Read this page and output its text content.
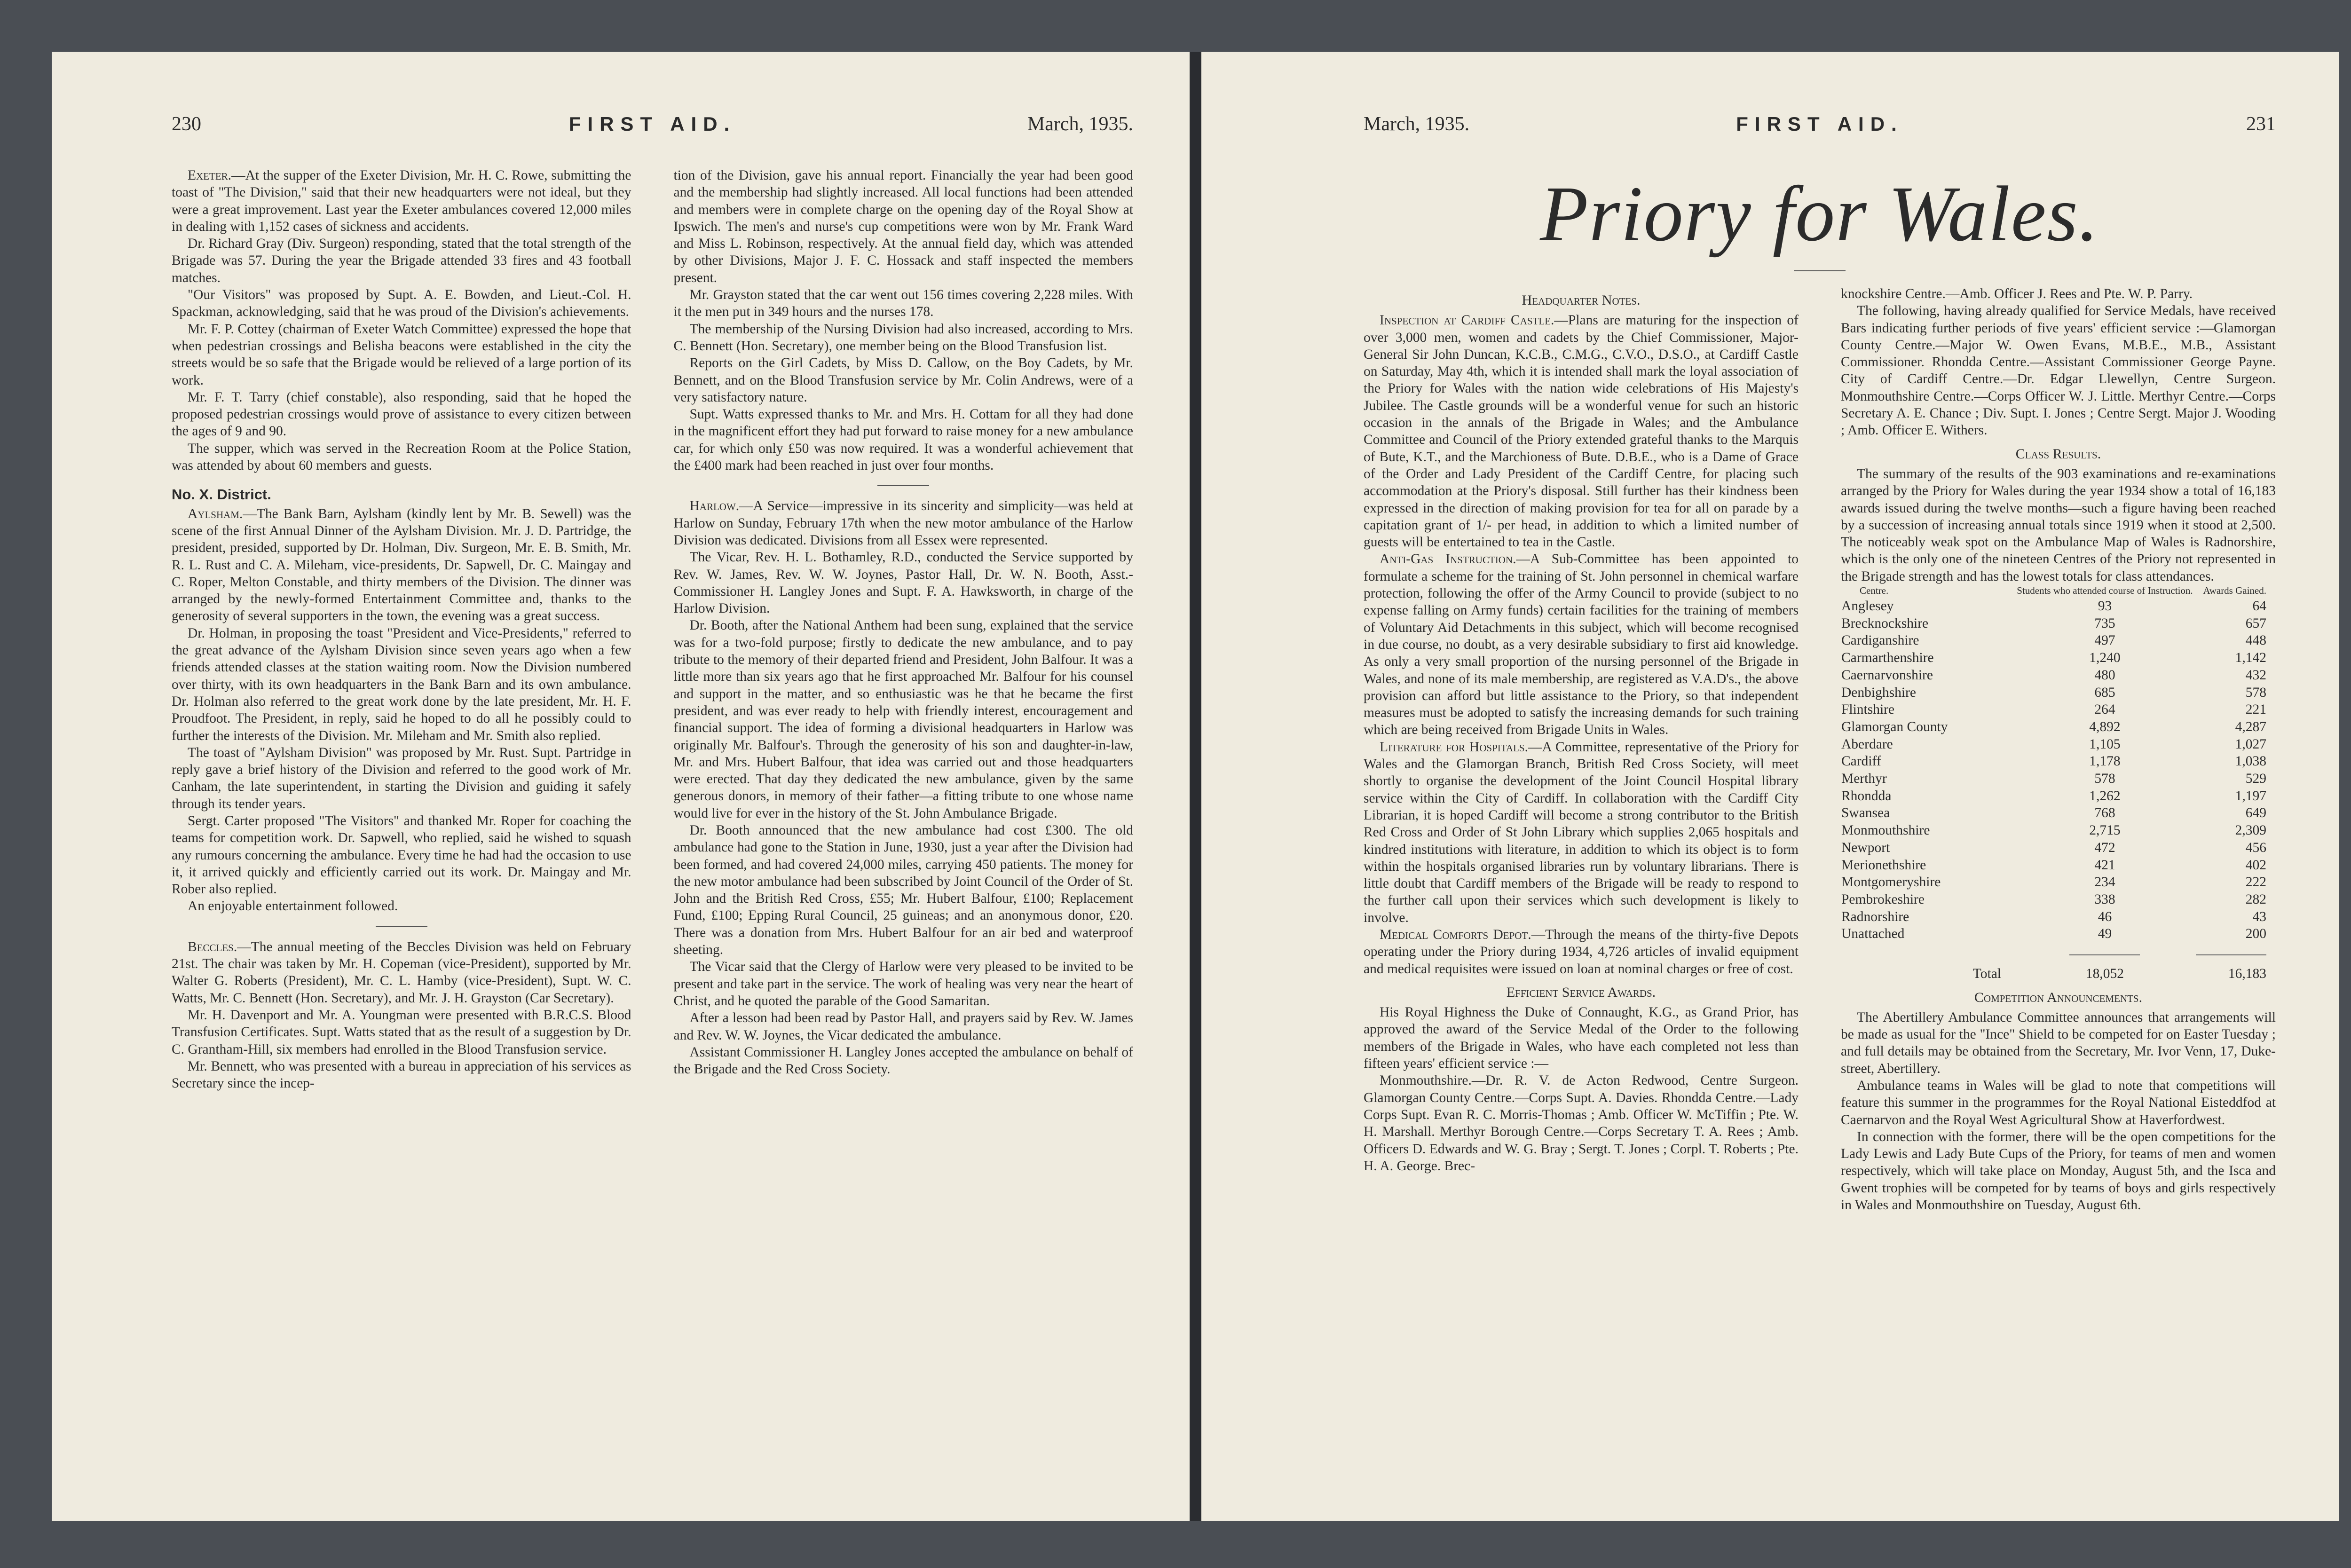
230	FIRST AID.	March, 1935.

Exeter.—At the supper of the Exeter Division, Mr. H. C. Rowe, submitting the toast of "The Division," said that their new headquarters were not ideal, but they were a great improvement. Last year the Exeter ambulances covered 12,000 miles in dealing with 1,152 cases of sickness and accidents.

Dr. Richard Gray (Div. Surgeon) responding, stated that the total strength of the Brigade was 57. During the year the Brigade attended 33 fires and 43 football matches.

"Our Visitors" was proposed by Supt. A. E. Bowden, and Lieut.-Col. H. Spackman, acknowledging, said that he was proud of the Division's achievements.

Mr. F. P. Cottey (chairman of Exeter Watch Committee) expressed the hope that when pedestrian crossings and Belisha beacons were established in the city the streets would be so safe that the Brigade would be relieved of a large portion of its work.

Mr. F. T. Tarry (chief constable), also responding, said that he hoped the proposed pedestrian crossings would prove of assistance to every citizen between the ages of 9 and 90.

The supper, which was served in the Recreation Room at the Police Station, was attended by about 60 members and guests.

No. X. District.

Aylsham.—The Bank Barn, Aylsham (kindly lent by Mr. B. Sewell) was the scene of the first Annual Dinner of the Aylsham Division. Mr. J. D. Partridge, the president, presided, supported by Dr. Holman, Div. Surgeon, Mr. E. B. Smith, Mr. R. L. Rust and C. A. Mileham, vice-presidents, Dr. Sapwell, Dr. C. Maingay and C. Roper, Melton Constable, and thirty members of the Division. The dinner was arranged by the newly-formed Entertainment Committee and, thanks to the generosity of several supporters in the town, the evening was a great success.

Dr. Holman, in proposing the toast "President and Vice-Presidents," referred to the great advance of the Aylsham Division since seven years ago when a few friends attended classes at the station waiting room. Now the Division numbered over thirty, with its own headquarters in the Bank Barn and its own ambulance. Dr. Holman also referred to the great work done by the late president, Mr. H. F. Proudfoot. The President, in reply, said he hoped to do all he possibly could to further the interests of the Division. Mr. Mileham and Mr. Smith also replied.

The toast of "Aylsham Division" was proposed by Mr. Rust. Supt. Partridge in reply gave a brief history of the Division and referred to the good work of Mr. Canham, the late superintendent, in starting the Division and guiding it safely through its tender years.

Sergt. Carter proposed "The Visitors" and thanked Mr. Roper for coaching the teams for competition work. Dr. Sapwell, who replied, said he wished to squash any rumours concerning the ambulance. Every time he had had the occasion to use it, it arrived quickly and efficiently carried out its work. Dr. Maingay and Mr. Rober also replied.

An enjoyable entertainment followed.

Beccles.—The annual meeting of the Beccles Division was held on February 21st. The chair was taken by Mr. H. Copeman (vice-President), supported by Mr. Walter G. Roberts (President), Mr. C. L. Hamby (vice-President), Supt. W. C. Watts, Mr. C. Bennett (Hon. Secretary), and Mr. J. H. Grayston (Car Secretary).

Mr. H. Davenport and Mr. A. Youngman were presented with B.R.C.S. Blood Transfusion Certificates. Supt. Watts stated that as the result of a suggestion by Dr. C. Grantham-Hill, six members had enrolled in the Blood Transfusion service.

Mr. Bennett, who was presented with a bureau in appreciation of his services as Secretary since the incep-

tion of the Division, gave his annual report. Financially the year had been good and the membership had slightly increased. All local functions had been attended and members were in complete charge on the opening day of the Royal Show at Ipswich. The men's and nurse's cup competitions were won by Mr. Frank Ward and Miss L. Robinson, respectively. At the annual field day, which was attended by other Divisions, Major J. F. C. Hossack and staff inspected the members present.

Mr. Grayston stated that the car went out 156 times covering 2,228 miles. With it the men put in 349 hours and the nurses 178.

The membership of the Nursing Division had also increased, according to Mrs. C. Bennett (Hon. Secretary), one member being on the Blood Transfusion list.

Reports on the Girl Cadets, by Miss D. Callow, on the Boy Cadets, by Mr. Bennett, and on the Blood Transfusion service by Mr. Colin Andrews, were of a very satisfactory nature.

Supt. Watts expressed thanks to Mr. and Mrs. H. Cottam for all they had done in the magnificent effort they had put forward to raise money for a new ambulance car, for which only £50 was now required. It was a wonderful achievement that the £400 mark had been reached in just over four months.

Harlow.—A Service—impressive in its sincerity and simplicity—was held at Harlow on Sunday, February 17th when the new motor ambulance of the Harlow Division was dedicated. Divisions from all Essex were represented.

The Vicar, Rev. H. L. Bothamley, R.D., conducted the Service supported by Rev. W. James, Rev. W. W. Joynes, Pastor Hall, Dr. W. N. Booth, Asst.-Commissioner H. Langley Jones and Supt. F. A. Hawksworth, in charge of the Harlow Division.

Dr. Booth, after the National Anthem had been sung, explained that the service was for a two-fold purpose; firstly to dedicate the new ambulance, and to pay tribute to the memory of their departed friend and President, John Balfour. It was a little more than six years ago that he first approached Mr. Balfour for his counsel and support in the matter, and so enthusiastic was he that he became the first president, and was ever ready to help with friendly interest, encouragement and financial support. The idea of forming a divisional headquarters in Harlow was originally Mr. Balfour's. Through the generosity of his son and daughter-in-law, Mr. and Mrs. Hubert Balfour, that idea was carried out and those headquarters were erected. That day they dedicated the new ambulance, given by the same generous donors, in memory of their father—a fitting tribute to one whose name would live for ever in the history of the St. John Ambulance Brigade.

Dr. Booth announced that the new ambulance had cost £300. The old ambulance had gone to the Station in June, 1930, just a year after the Division had been formed, and had covered 24,000 miles, carrying 450 patients. The money for the new motor ambulance had been subscribed by Joint Council of the Order of St. John and the British Red Cross, £55; Mr. Hubert Balfour, £100; Replacement Fund, £100; Epping Rural Council, 25 guineas; and an anonymous donor, £20. There was a donation from Mrs. Hubert Balfour for an air bed and waterproof sheeting.

The Vicar said that the Clergy of Harlow were very pleased to be invited to be present and take part in the service. The work of healing was very near the heart of Christ, and he quoted the parable of the Good Samaritan.

After a lesson had been read by Pastor Hall, and prayers said by Rev. W. James and Rev. W. W. Joynes, the Vicar dedicated the ambulance.

Assistant Commissioner H. Langley Jones accepted the ambulance on behalf of the Brigade and the Red Cross Society.

March, 1935.	FIRST AID.	231
Priory for Wales.
Headquarter Notes.

Inspection at Cardiff Castle.—Plans are maturing for the inspection of over 3,000 men, women and cadets by the Chief Commissioner, Major-General Sir John Duncan, K.C.B., C.M.G., C.V.O., D.S.O., at Cardiff Castle on Saturday, May 4th, which it is intended shall mark the loyal association of the Priory for Wales with the nation wide celebrations of His Majesty's Jubilee. The Castle grounds will be a wonderful venue for such an historic occasion in the annals of the Brigade in Wales; and the Ambulance Committee and Council of the Priory extended grateful thanks to the Marquis of Bute, K.T., and the Marchioness of Bute. D.B.E., who is a Dame of Grace of the Order and Lady President of the Cardiff Centre, for placing such accommodation at the Priory's disposal. Still further has their kindness been expressed in the direction of making provision for tea for all on parade by a capitation grant of 1/- per head, in addition to which a limited number of guests will be entertained to tea in the Castle.

Anti-Gas Instruction.—A Sub-Committee has been appointed to formulate a scheme for the training of St. John personnel in chemical warfare protection, following the offer of the Army Council to provide (subject to no expense falling on Army funds) certain facilities for the training of members of Voluntary Aid Detachments in this subject, which will become recognised in due course, no doubt, as a very desirable subsidiary to first aid knowledge. As only a very small proportion of the nursing personnel of the Brigade in Wales, and none of its male membership, are registered as V.A.D's., the above provision can afford but little assistance to the Priory, so that independent measures must be adopted to satisfy the increasing demands for such training which are being received from Brigade Units in Wales.

Literature for Hospitals.—A Committee, representative of the Priory for Wales and the Glamorgan Branch, British Red Cross Society, will meet shortly to organise the development of the Joint Council Hospital library service within the City of Cardiff. In collaboration with the Cardiff City Librarian, it is hoped Cardiff will become a strong contributor to the British Red Cross and Order of St John Library which supplies 2,065 hospitals and kindred institutions with literature, in addition to which its object is to form within the hospitals organised libraries run by voluntary librarians. There is little doubt that Cardiff members of the Brigade will be ready to respond to the further call upon their services which such development is likely to involve.

Medical Comforts Depot.—Through the means of the thirty-five Depots operating under the Priory during 1934, 4,726 articles of invalid equipment and medical requisites were issued on loan at nominal charges or free of cost.

Efficient Service Awards.

His Royal Highness the Duke of Connaught, K.G., as Grand Prior, has approved the award of the Service Medal of the Order to the following members of the Brigade in Wales, who have each completed not less than fifteen years' efficient service :—

Monmouthshire.—Dr. R. V. de Acton Redwood, Centre Surgeon. Glamorgan County Centre.—Corps Supt. A. Davies. Rhondda Centre.—Lady Corps Supt. Evan R. C. Morris-Thomas ; Amb. Officer W. McTiffin ; Pte. W. H. Marshall. Merthyr Borough Centre.—Corps Secretary T. A. Rees ; Amb. Officers D. Edwards and W. G. Bray ; Sergt. T. Jones ; Corpl. T. Roberts ; Pte. H. A. George. Brec-

knockshire Centre.—Amb. Officer J. Rees and Pte. W. P. Parry.

The following, having already qualified for Service Medals, have received Bars indicating further periods of five years' efficient service :—Glamorgan County Centre.—Major W. Owen Evans, M.B.E., M.B., Assistant Commissioner. Rhondda Centre.—Assistant Commissioner George Payne. City of Cardiff Centre.—Dr. Edgar Llewellyn, Centre Surgeon. Monmouthshire Centre.—Corps Officer W. J. Little. Merthyr Centre.—Corps Secretary A. E. Chance ; Div. Supt. I. Jones ; Centre Sergt. Major J. Wooding ; Amb. Officer E. Withers.

Class Results.

The summary of the results of the 903 examinations and re-examinations arranged by the Priory for Wales during the year 1934 show a total of 16,183 awards issued during the twelve months—such a figure having been reached by a succession of increasing annual totals since 1919 when it stood at 2,500. The noticeably weak spot on the Ambulance Map of Wales is Radnorshire, which is the only one of the nineteen Centres of the Priory not represented in the Brigade strength and has the lowest totals for class attendances.

Centre.	Students who attended course of Instruction.	Awards Gained.
Anglesey	93	64
Brecknockshire	735	657
Cardiganshire	497	448
Carmarthenshire	1,240	1,142
Caernarvonshire	480	432
Denbighshire	685	578
Flintshire	264	221
Glamorgan County	4,892	4,287
Aberdare	1,105	1,027
Cardiff	1,178	1,038
Merthyr	578	529
Rhondda	1,262	1,197
Swansea	768	649
Monmouthshire	2,715	2,309
Newport	472	456
Merionethshire	421	402
Montgomeryshire	234	222
Pembrokeshire	338	282
Radnorshire	46	43
Unattached	49	200

Total	18,052	16,183
Competition Announcements.

The Abertillery Ambulance Committee announces that arrangements will be made as usual for the "Ince" Shield to be competed for on Easter Tuesday ; and full details may be obtained from the Secretary, Mr. Ivor Venn, 17, Duke-street, Abertillery.

Ambulance teams in Wales will be glad to note that competitions will feature this summer in the programmes for the Royal National Eisteddfod at Caernarvon and the Royal West Agricultural Show at Haverfordwest.

In connection with the former, there will be the open competitions for the Lady Lewis and Lady Bute Cups of the Priory, for teams of men and women respectively, which will take place on Monday, August 5th, and the Isca and Gwent trophies will be competed for by teams of boys and girls respectively in Wales and Monmouthshire on Tuesday, August 6th.
